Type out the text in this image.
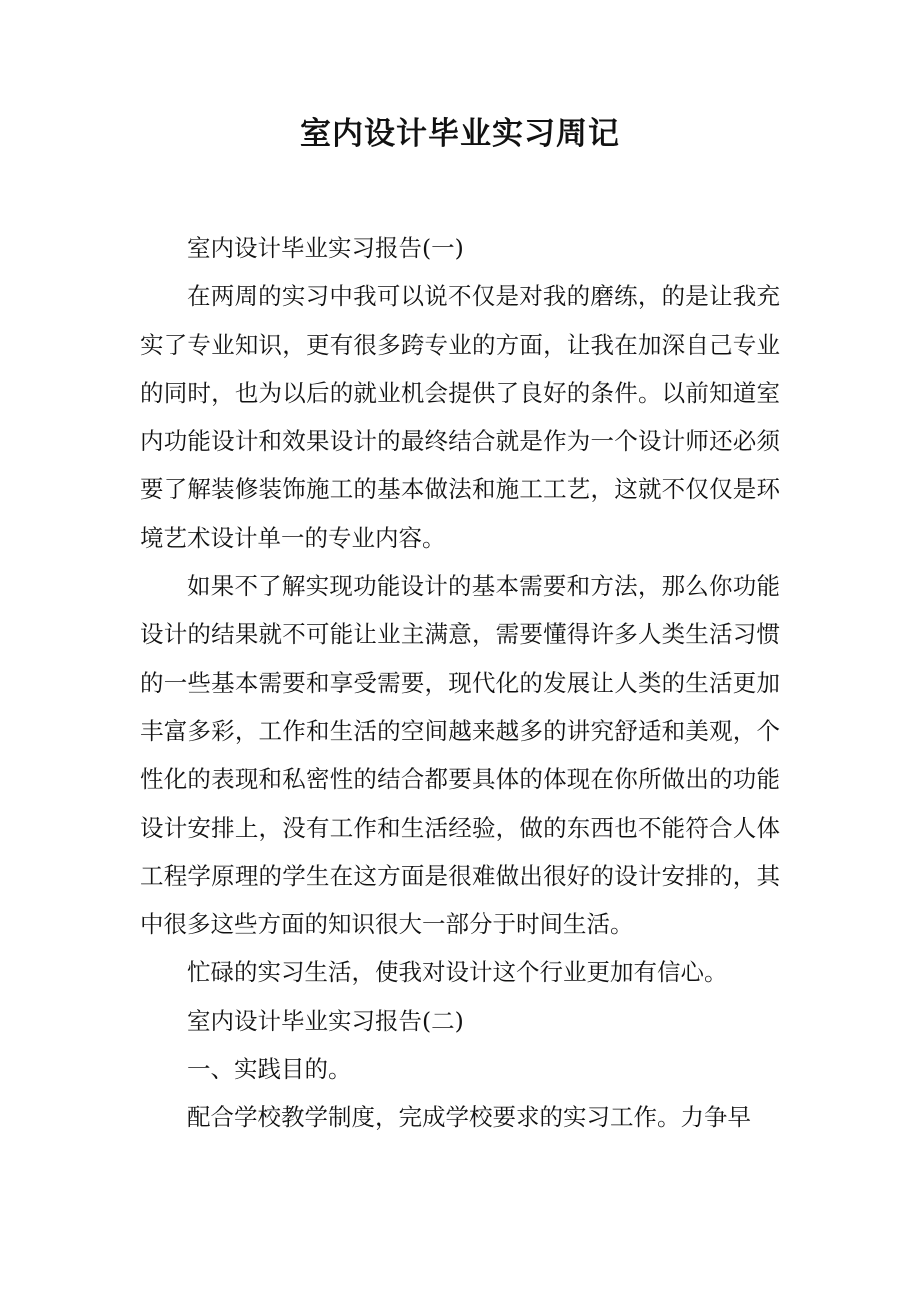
室内设计毕业实习周记

室内设计毕业实习报告(一)

在两周的实习中我可以说不仅是对我的磨练，的是让我充实了专业知识，更有很多跨专业的方面，让我在加深自己专业的同时，也为以后的就业机会提供了良好的条件。以前知道室内功能设计和效果设计的最终结合就是作为一个设计师还必须要了解装修装饰施工的基本做法和施工工艺，这就不仅仅是环境艺术设计单一的专业内容。

如果不了解实现功能设计的基本需要和方法，那么你功能设计的结果就不可能让业主满意，需要懂得许多人类生活习惯的一些基本需要和享受需要，现代化的发展让人类的生活更加丰富多彩，工作和生活的空间越来越多的讲究舒适和美观，个性化的表现和私密性的结合都要具体的体现在你所做出的功能设计安排上，没有工作和生活经验，做的东西也不能符合人体工程学原理的学生在这方面是很难做出很好的设计安排的，其中很多这些方面的知识很大一部分于时间生活。

忙碌的实习生活，使我对设计这个行业更加有信心。

室内设计毕业实习报告(二)

一、实践目的。

配合学校教学制度，完成学校要求的实习工作。力争早
